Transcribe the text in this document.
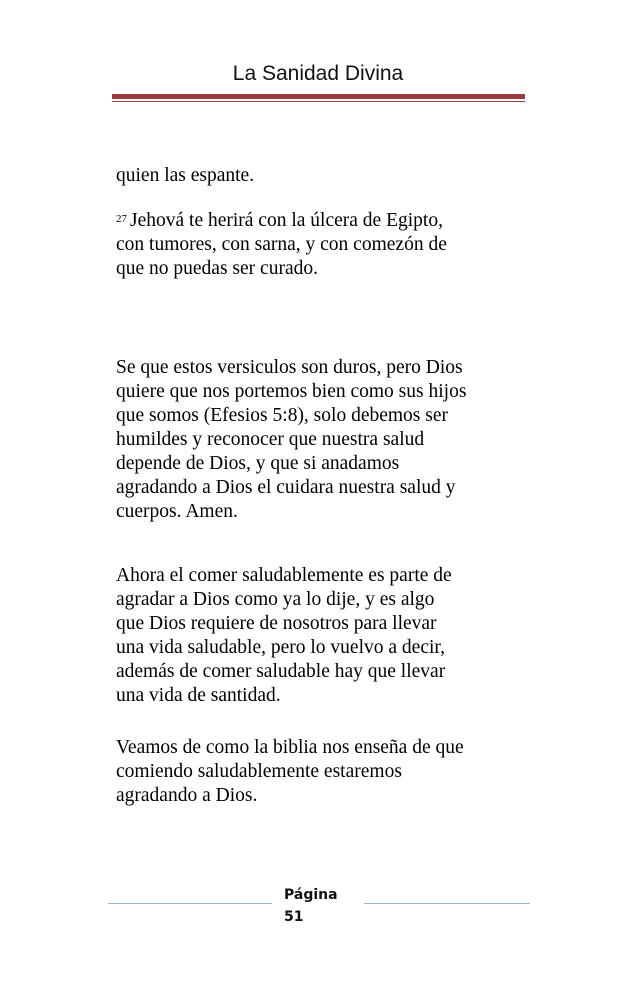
La Sanidad Divina

quien las espante.

$^{27}$ Jehová te herirá con la úlcera de Egipto,
con tumores, con sarna, y con comezón de
que no puedas ser curado.

Se que estos versiculos son duros, pero Dios
quiere que nos portemos bien como sus hijos
que somos (Efesios 5:8), solo debemos ser
humildes y reconocer que nuestra salud
depende de Dios, y que si anadamos
agradando a Dios el cuidara nuestra salud y
cuerpos. Amen.

Ahora el comer saludablemente es parte de
agradar a Dios como ya lo dije, y es algo
que Dios requiere de nosotros para llevar
una vida saludable, pero lo vuelvo a decir,
además de comer saludable hay que llevar
una vida de santidad.

Veamos de como la biblia nos enseña de que
comiendo saludablemente estaremos
agradando a Dios.

Página
51
